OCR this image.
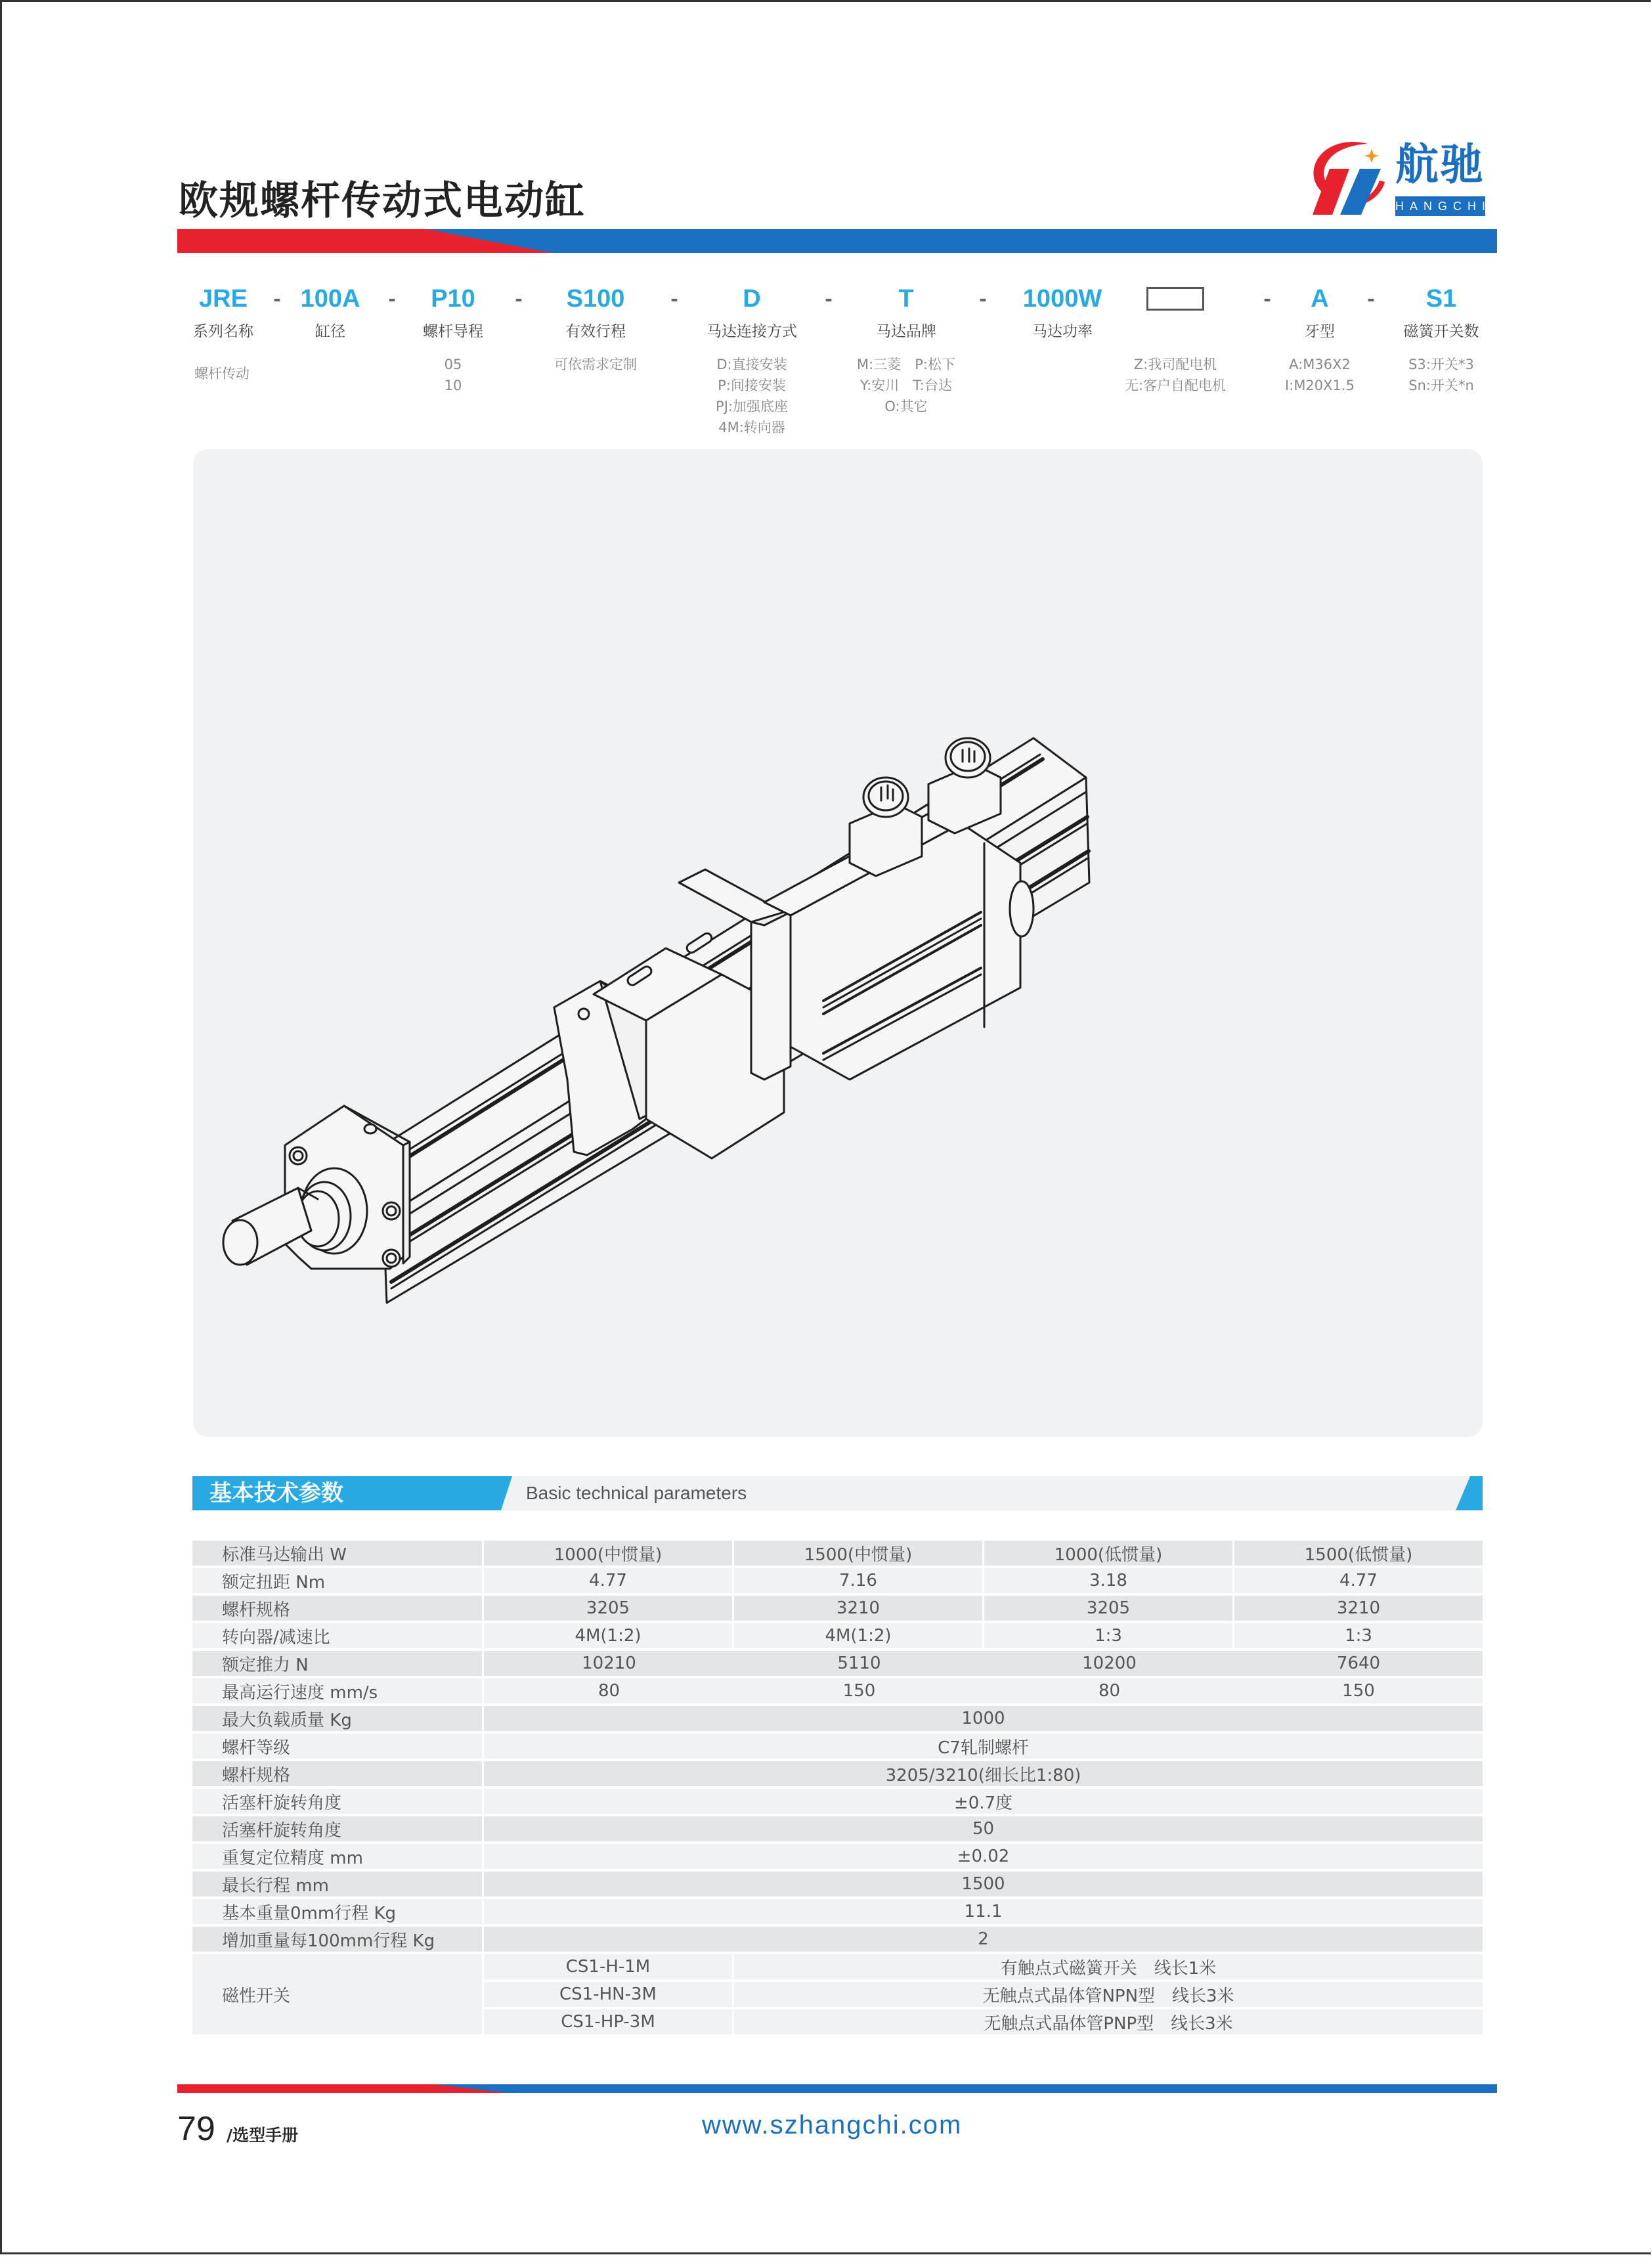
欧规螺杆传动式电动缸
航驰
HANGCHI
JRE
系列名称
螺杆传动
- 100A
缸径
-	P10
螺杆导程
05
10
-	S100
有效行程
可依需求定制
-	D
马达连接方式
D:直接安装
P:间接安装
PJ:加强底座
4M:转向器
-	T
马达品牌
M:三菱　P:松下
Y:安川　T:台达
O:其它
- 1000W
马达功率
Z:我司配电机
无:客户自配电机
-	A
牙型
A:M36X2
I:M20X1.5
-	S1
磁簧开关数
S3:开关*3
Sn:开关*n
基本技术参数	Basic technical parameters
标准马达输出 W	1000(中惯量)	1500(中惯量)	1000(低惯量)	1500(低惯量)
额定扭距 Nm	4.77	7.16	3.18	4.77
螺杆规格	3205	3210	3205	3210
转向器/减速比	4M(1:2)	4M(1:2)	1:3	1:3
额定推力 N	10210	5110	10200	7640
最高运行速度 mm/s	80	150	80	150
最大负载质量 Kg	1000			
螺杆等级	C7轧制螺杆			
螺杆规格	3205/3210(细长比1:80)			
活塞杆旋转角度	±0.7度			
活塞杆旋转角度	50			
重复定位精度 mm	±0.02			
最长行程 mm	1500			
基本重量0mm行程 Kg	11.1			
增加重量每100mm行程 Kg	2			
磁性开关	CS1-H-1M	有触点式磁簧开关　线长1米		
	CS1-HN-3M	无触点式晶体管NPN型　线长3米		
	CS1-HP-3M	无触点式晶体管PNP型　线长3米		
79 /选型手册	www.szhangchi.com
